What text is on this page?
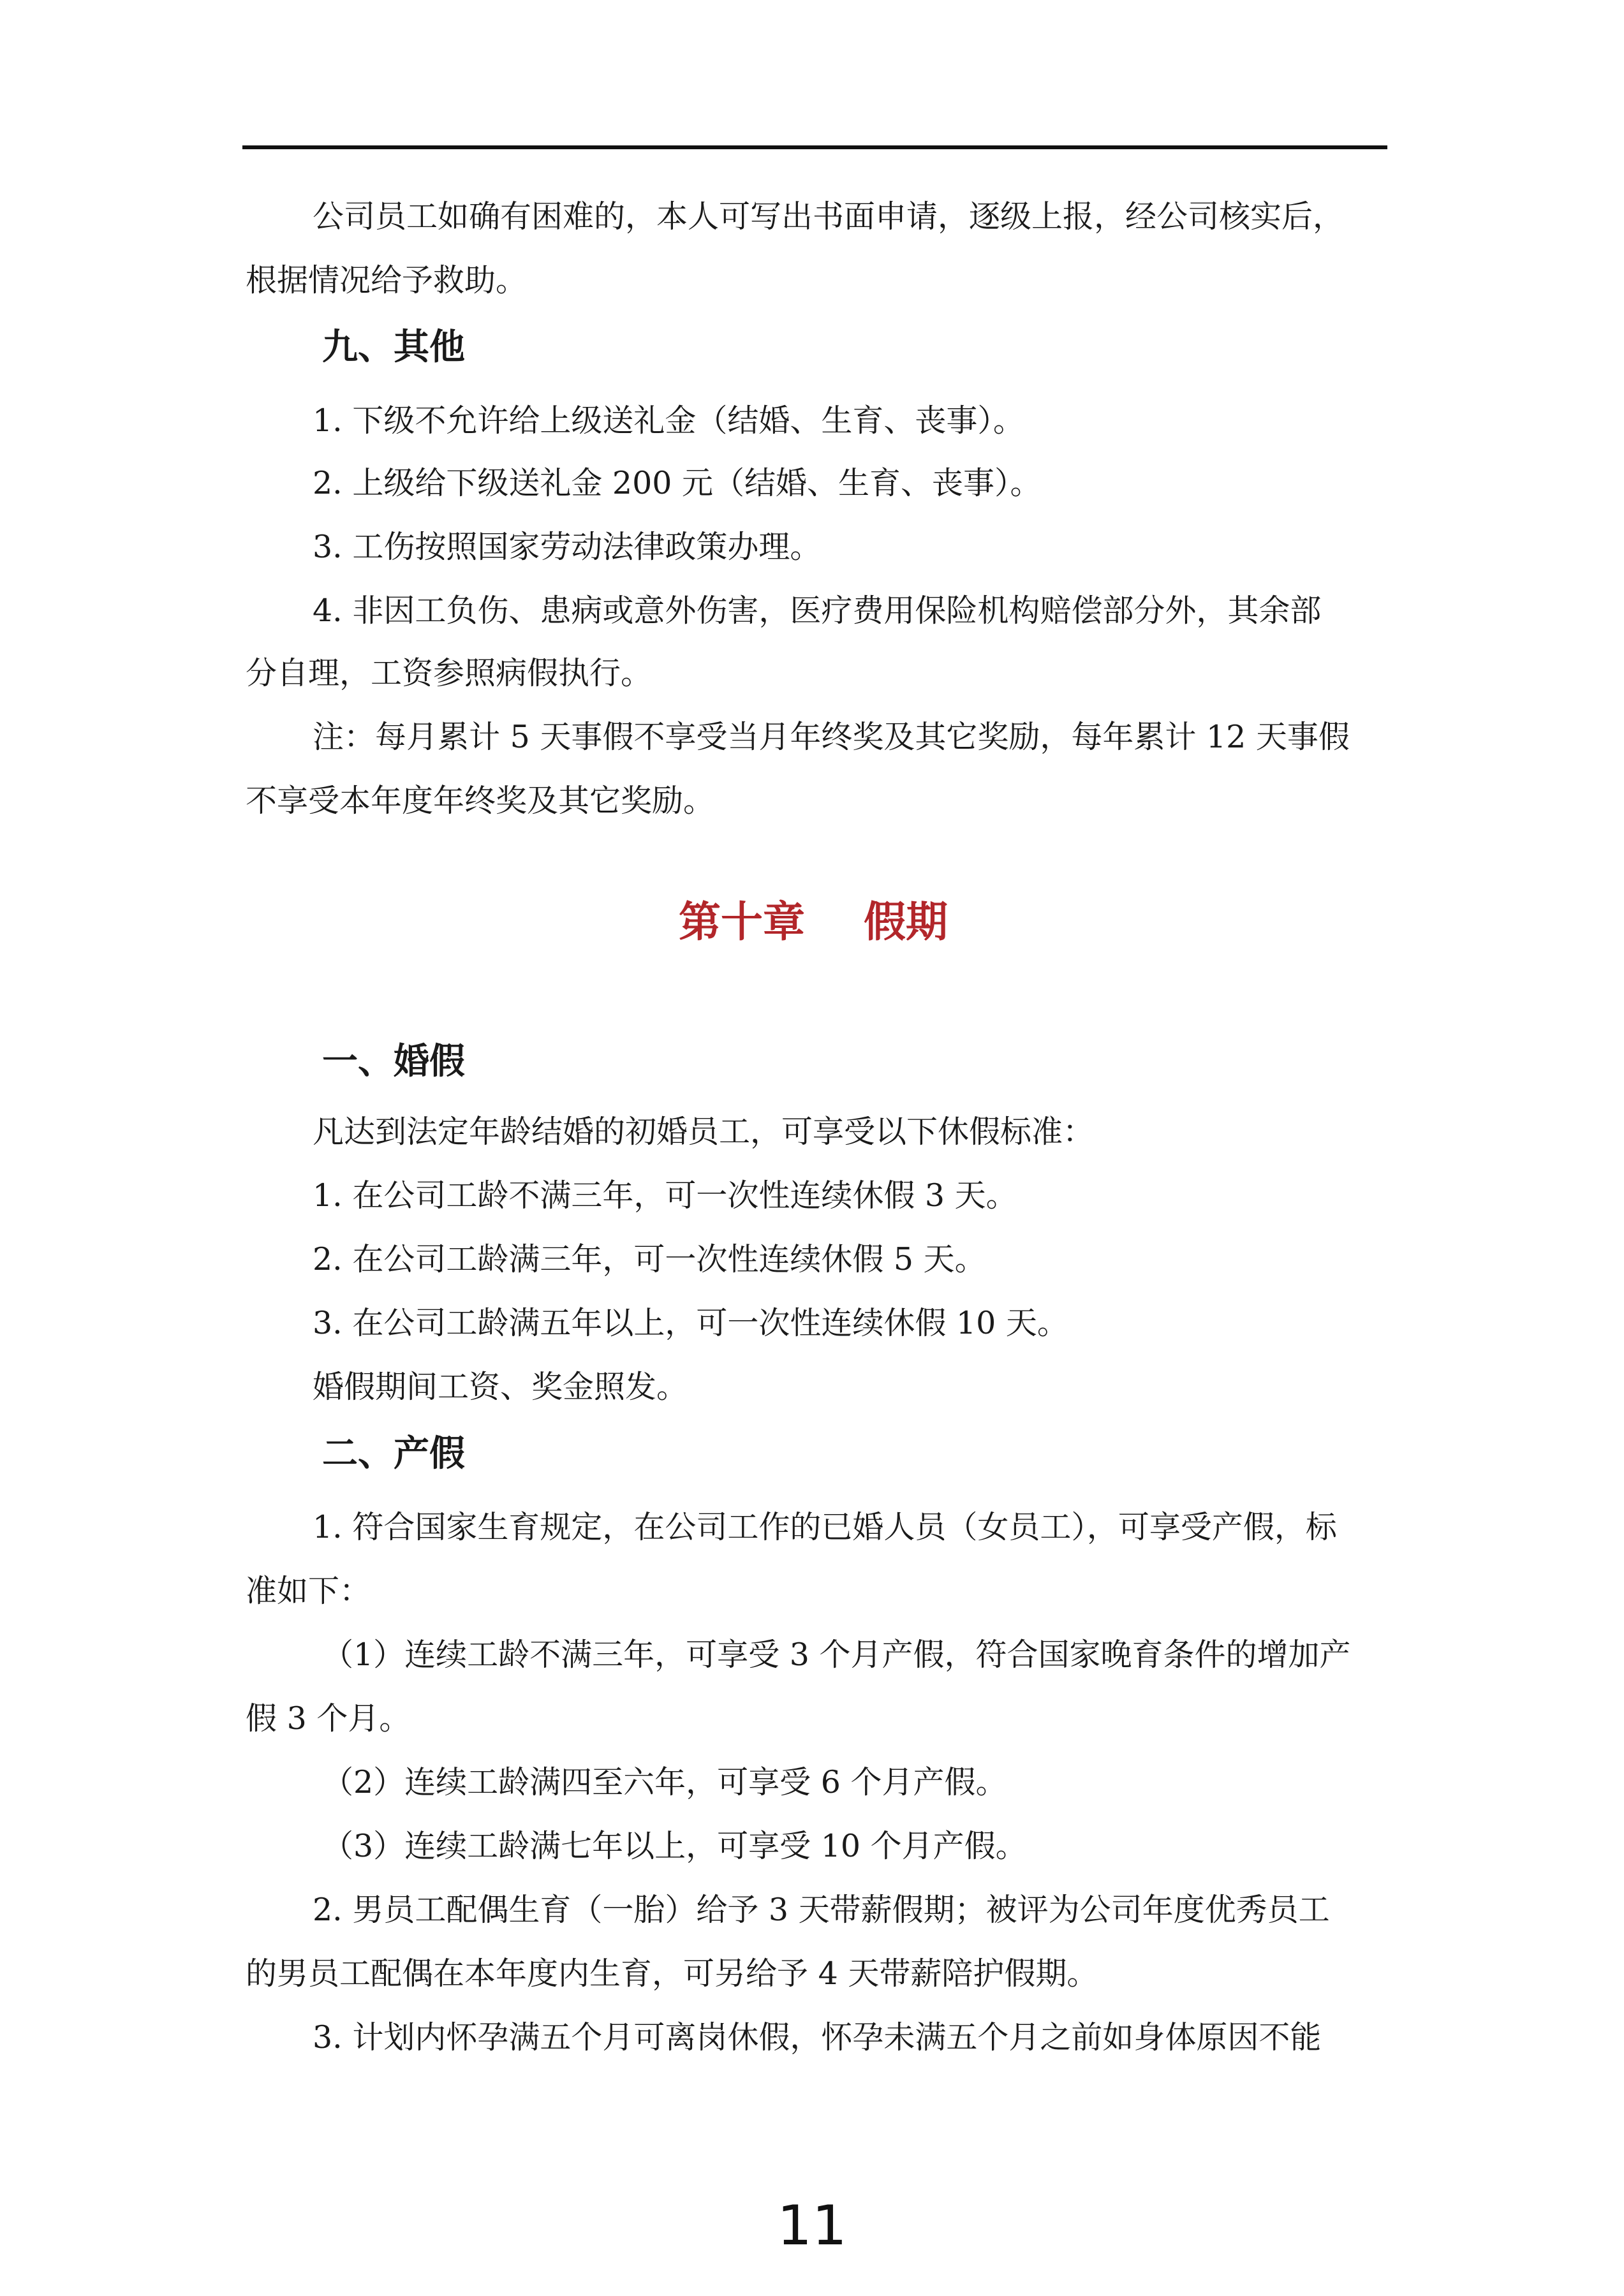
公司员工如确有困难的，本人可写出书面申请，逐级上报，经公司核实后，
根据情况给予救助。
九、其他
1. 下级不允许给上级送礼金（结婚、生育、丧事）。
2. 上级给下级送礼金 200 元（结婚、生育、丧事）。
3. 工伤按照国家劳动法律政策办理。
4. 非因工负伤、患病或意外伤害，医疗费用保险机构赔偿部分外，其余部
分自理，工资参照病假执行。
注：每月累计 5 天事假不享受当月年终奖及其它奖励，每年累计 12 天事假
不享受本年度年终奖及其它奖励。
第十章    假期
一、婚假
凡达到法定年龄结婚的初婚员工，可享受以下休假标准：
1. 在公司工龄不满三年，可一次性连续休假 3 天。
2. 在公司工龄满三年，可一次性连续休假 5 天。
3. 在公司工龄满五年以上，可一次性连续休假 10 天。
婚假期间工资、奖金照发。
二、产假
1. 符合国家生育规定，在公司工作的已婚人员（女员工），可享受产假，标
准如下：
（1）连续工龄不满三年，可享受 3 个月产假，符合国家晚育条件的增加产
假 3 个月。
（2）连续工龄满四至六年，可享受 6 个月产假。
（3）连续工龄满七年以上，可享受 10 个月产假。
2. 男员工配偶生育（一胎）给予 3 天带薪假期；被评为公司年度优秀员工
的男员工配偶在本年度内生育，可另给予 4 天带薪陪护假期。
3. 计划内怀孕满五个月可离岗休假，怀孕未满五个月之前如身体原因不能
11
